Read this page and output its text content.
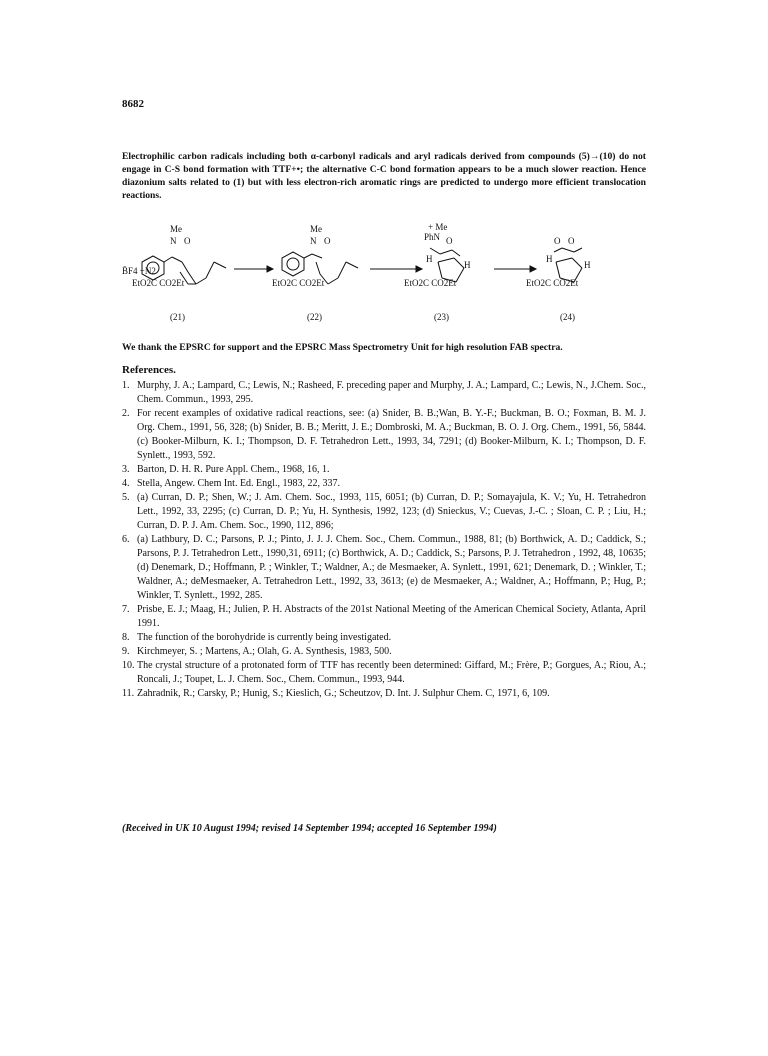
8682
Electrophilic carbon radicals including both α-carbonyl radicals and aryl radicals derived from compounds (5)→(10) do not engage in C-S bond formation with TTF+•; the alternative C-C bond formation appears to be a much slower reaction. Hence diazonium salts related to (1) but with less electron-rich aromatic rings are predicted to undergo more efficient translocation reactions.
Me
N O
B̄F4 +N2
EtO2C CO2Et
(21)
Me
N O
EtO2C CO2Et
(22)
+ Me
PhN O
H
H
EtO2C CO2Et
(23)
O O
H
H
EtO2C CO2Et
(24)
We thank the EPSRC for support and the EPSRC Mass Spectrometry Unit for high resolution FAB spectra.
References.
1. Murphy, J. A.; Lampard, C.; Lewis, N.; Rasheed, F. preceding paper and Murphy, J. A.; Lampard, C.; Lewis, N., J.Chem. Soc., Chem. Commun., 1993, 295.
2. For recent examples of oxidative radical reactions, see: (a) Snider, B. B.;Wan, B. Y.-F.; Buckman, B. O.; Foxman, B. M. J. Org. Chem., 1991, 56, 328; (b) Snider, B. B.; Meritt, J. E.; Dombroski, M. A.; Buckman, B. O. J. Org. Chem., 1991, 56, 5844. (c) Booker-Milburn, K. I.; Thompson, D. F. Tetrahedron Lett., 1993, 34, 7291; (d) Booker-Milburn, K. I.; Thompson, D. F. Synlett., 1993, 592.
3. Barton, D. H. R. Pure Appl. Chem., 1968, 16, 1.
4. Stella, Angew. Chem Int. Ed. Engl., 1983, 22, 337.
5. (a) Curran, D. P.; Shen, W.; J. Am. Chem. Soc., 1993, 115, 6051; (b) Curran, D. P.; Somayajula, K. V.; Yu, H. Tetrahedron Lett., 1992, 33, 2295; (c) Curran, D. P.; Yu, H. Synthesis, 1992, 123; (d) Snieckus, V.; Cuevas, J.-C. ; Sloan, C. P. ; Liu, H.; Curran, D. P. J. Am. Chem. Soc., 1990, 112, 896;
6. (a) Lathbury, D. C.; Parsons, P. J.; Pinto, J. J. J. Chem. Soc., Chem. Commun., 1988, 81; (b) Borthwick, A. D.; Caddick, S.; Parsons, P. J. Tetrahedron Lett., 1990,31, 6911; (c) Borthwick, A. D.; Caddick, S.; Parsons, P. J. Tetrahedron , 1992, 48, 10635; (d) Denemark, D.; Hoffmann, P. ; Winkler, T.; Waldner, A.; de Mesmaeker, A. Synlett., 1991, 621; Denemark, D. ; Winkler, T.; Waldner, A.; deMesmaeker, A. Tetrahedron Lett., 1992, 33, 3613; (e) de Mesmaeker, A.; Waldner, A.; Hoffmann, P.; Hug, P.; Winkler, T. Synlett., 1992, 285.
7. Prisbe, E. J.; Maag, H.; Julien, P. H. Abstracts of the 201st National Meeting of the American Chemical Society, Atlanta, April 1991.
8. The function of the borohydride is currently being investigated.
9. Kirchmeyer, S. ; Martens, A.; Olah, G. A. Synthesis, 1983, 500.
10. The crystal structure of a protonated form of TTF has recently been determined: Giffard, M.; Frère, P.; Gorgues, A.; Riou, A.; Roncali, J.; Toupet, L. J. Chem. Soc., Chem. Commun., 1993, 944.
11. Zahradnik, R.; Carsky, P.; Hunig, S.; Kieslich, G.; Scheutzov, D. Int. J. Sulphur Chem. C, 1971, 6, 109.
(Received in UK 10 August 1994; revised 14 September 1994; accepted 16 September 1994)
